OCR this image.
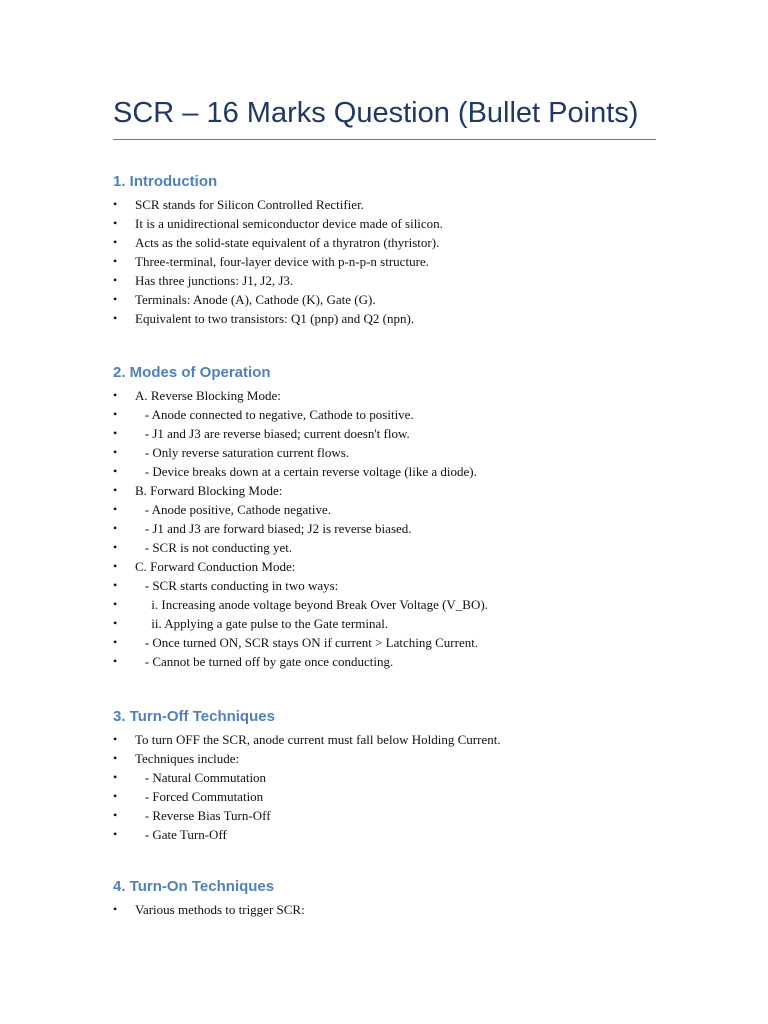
SCR – 16 Marks Question (Bullet Points)
1. Introduction
• SCR stands for Silicon Controlled Rectifier.
• It is a unidirectional semiconductor device made of silicon.
• Acts as the solid-state equivalent of a thyratron (thyristor).
• Three-terminal, four-layer device with p-n-p-n structure.
• Has three junctions: J1, J2, J3.
• Terminals: Anode (A), Cathode (K), Gate (G).
• Equivalent to two transistors: Q1 (pnp) and Q2 (npn).
2. Modes of Operation
• A. Reverse Blocking Mode:
• - Anode connected to negative, Cathode to positive.
• - J1 and J3 are reverse biased; current doesn't flow.
• - Only reverse saturation current flows.
• - Device breaks down at a certain reverse voltage (like a diode).
• B. Forward Blocking Mode:
• - Anode positive, Cathode negative.
• - J1 and J3 are forward biased; J2 is reverse biased.
• - SCR is not conducting yet.
• C. Forward Conduction Mode:
• - SCR starts conducting in two ways:
• i. Increasing anode voltage beyond Break Over Voltage (V_BO).
• ii. Applying a gate pulse to the Gate terminal.
• - Once turned ON, SCR stays ON if current > Latching Current.
• - Cannot be turned off by gate once conducting.
3. Turn-Off Techniques
• To turn OFF the SCR, anode current must fall below Holding Current.
• Techniques include:
• - Natural Commutation
• - Forced Commutation
• - Reverse Bias Turn-Off
• - Gate Turn-Off
4. Turn-On Techniques
• Various methods to trigger SCR:
